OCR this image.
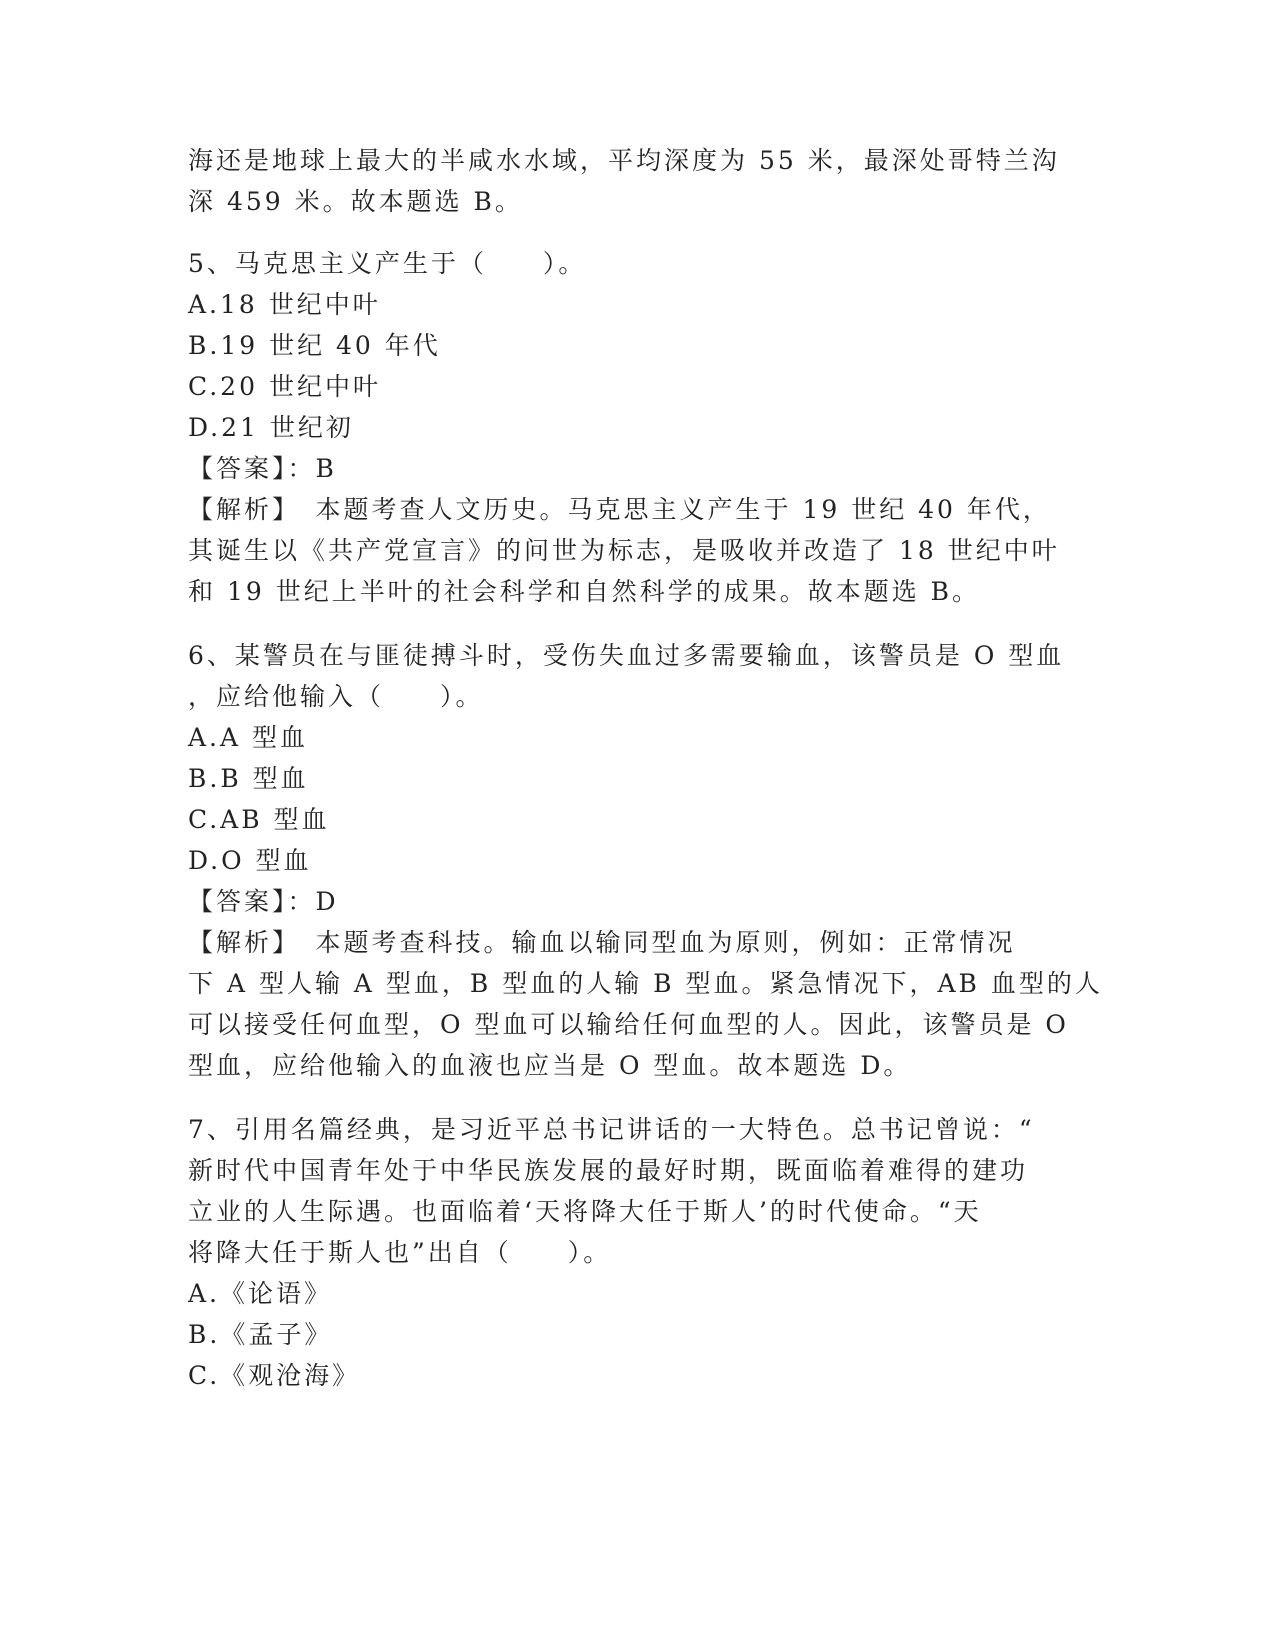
海还是地球上最大的半咸水水域，平均深度为 55 米，最深处哥特兰沟
深 459 米。故本题选 B。
5、马克思主义产生于（　　）。
A.18 世纪中叶
B.19 世纪 40 年代
C.20 世纪中叶
D.21 世纪初
【答案】：B
【解析】　本题考查人文历史。马克思主义产生于 19 世纪 40 年代，
其诞生以《共产党宣言》的问世为标志，是吸收并改造了 18 世纪中叶
和 19 世纪上半叶的社会科学和自然科学的成果。故本题选 B。
6、某警员在与匪徒搏斗时，受伤失血过多需要输血，该警员是 O 型血
，应给他输入（　　）。
A.A 型血
B.B 型血
C.AB 型血
D.O 型血
【答案】：D
【解析】　本题考查科技。输血以输同型血为原则，例如：正常情况
下 A 型人输 A 型血，B 型血的人输 B 型血。紧急情况下，AB 血型的人
可以接受任何血型，O 型血可以输给任何血型的人。因此，该警员是 O
型血，应给他输入的血液也应当是 O 型血。故本题选 D。
7、引用名篇经典，是习近平总书记讲话的一大特色。总书记曾说：“
新时代中国青年处于中华民族发展的最好时期，既面临着难得的建功
立业的人生际遇。也面临着‘天将降大任于斯人’的时代使命。“天
将降大任于斯人也”出自（　　）。
A.《论语》
B.《孟子》
C.《观沧海》
